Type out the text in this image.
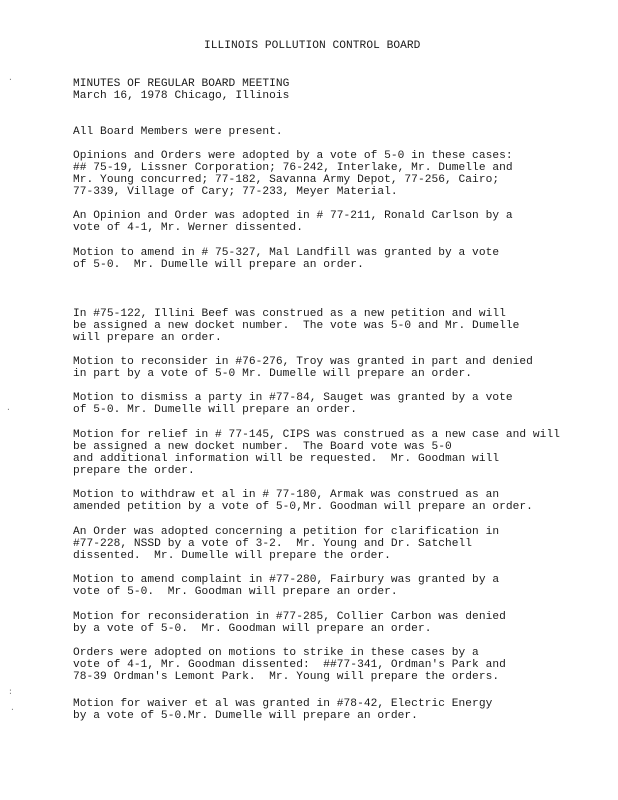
.
.
:
.
ILLINOIS POLLUTION CONTROL BOARD
MINUTES OF REGULAR BOARD MEETING
March 16, 1978 Chicago, Illinois
All Board Members were present.
Opinions and Orders were adopted by a vote of 5-0 in these cases:
## 75-19, Lissner Corporation; 76-242, Interlake, Mr. Dumelle and
Mr. Young concurred; 77-182, Savanna Army Depot, 77-256, Cairo;
77-339, Village of Cary; 77-233, Meyer Material.
An Opinion and Order was adopted in # 77-211, Ronald Carlson by a
vote of 4-1, Mr. Werner dissented.
Motion to amend in # 75-327, Mal Landfill was granted by a vote
of 5-0.  Mr. Dumelle will prepare an order.
In #75-122, Illini Beef was construed as a new petition and will
be assigned a new docket number.  The vote was 5-0 and Mr. Dumelle
will prepare an order.
Motion to reconsider in #76-276, Troy was granted in part and denied
in part by a vote of 5-0 Mr. Dumelle will prepare an order.
Motion to dismiss a party in #77-84, Sauget was granted by a vote
of 5-0. Mr. Dumelle will prepare an order.
Motion for relief in # 77-145, CIPS was construed as a new case and will
be assigned a new docket number.  The Board vote was 5-0
and additional information will be requested.  Mr. Goodman will
prepare the order.
Motion to withdraw et al in # 77-180, Armak was construed as an
amended petition by a vote of 5-0,Mr. Goodman will prepare an order.
An Order was adopted concerning a petition for clarification in
#77-228, NSSD by a vote of 3-2.  Mr. Young and Dr. Satchell
dissented.  Mr. Dumelle will prepare the order.
Motion to amend complaint in #77-280, Fairbury was granted by a
vote of 5-0.  Mr. Goodman will prepare an order.
Motion for reconsideration in #77-285, Collier Carbon was denied
by a vote of 5-0.  Mr. Goodman will prepare an order.
Orders were adopted on motions to strike in these cases by a
vote of 4-1, Mr. Goodman dissented:  ##77-341, Ordman's Park and
78-39 Ordman's Lemont Park.  Mr. Young will prepare the orders.
Motion for waiver et al was granted in #78-42, Electric Energy
by a vote of 5-0.Mr. Dumelle will prepare an order.
